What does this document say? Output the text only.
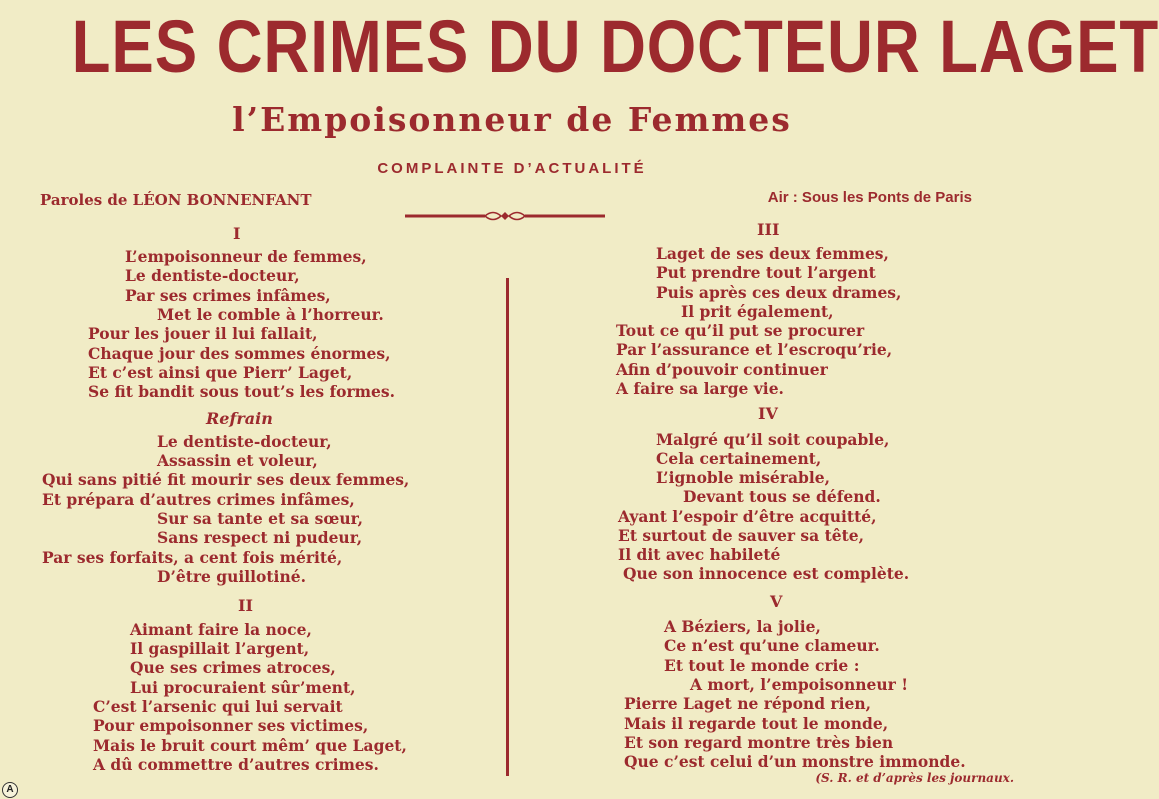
LES CRIMES DU DOCTEUR LAGET
l’Empoisonneur de Femmes
COMPLAINTE D’ACTUALITÉ
Paroles de LÉON BONNENFANT	Air : Sous les Ponts de Paris
I
L’empoisonneur de femmes,
Le dentiste-docteur,
Par ses crimes infâmes,
Met le comble à l’horreur.
Pour les jouer il lui fallait,
Chaque jour des sommes énormes,
Et c’est ainsi que Pierr’ Laget,
Se fit bandit sous tout’s les formes.
Refrain
Le dentiste-docteur,
Assassin et voleur,
Qui sans pitié fit mourir ses deux femmes,
Et prépara d’autres crimes infâmes,
Sur sa tante et sa sœur,
Sans respect ni pudeur,
Par ses forfaits, a cent fois mérité,
D’être guillotiné.
II
Aimant faire la noce,
Il gaspillait l’argent,
Que ses crimes atroces,
Lui procuraient sûr’ment,
C’est l’arsenic qui lui servait
Pour empoisonner ses victimes,
Mais le bruit court mêm’ que Laget,
A dû commettre d’autres crimes.
III
Laget de ses deux femmes,
Put prendre tout l’argent
Puis après ces deux drames,
Il prit également,
Tout ce qu’il put se procurer
Par l’assurance et l’escroqu’rie,
Afin d’pouvoir continuer
A faire sa large vie.
IV
Malgré qu’il soit coupable,
Cela certainement,
L’ignoble misérable,
Devant tous se défend.
Ayant l’espoir d’être acquitté,
Et surtout de sauver sa tête,
Il dit avec habileté
Que son innocence est complète.
V
A Béziers, la jolie,
Ce n’est qu’une clameur.
Et tout le monde crie :
A mort, l’empoisonneur !
Pierre Laget ne répond rien,
Mais il regarde tout le monde,
Et son regard montre très bien
Que c’est celui d’un monstre immonde.
(S. R. et d’après les journaux.
A
